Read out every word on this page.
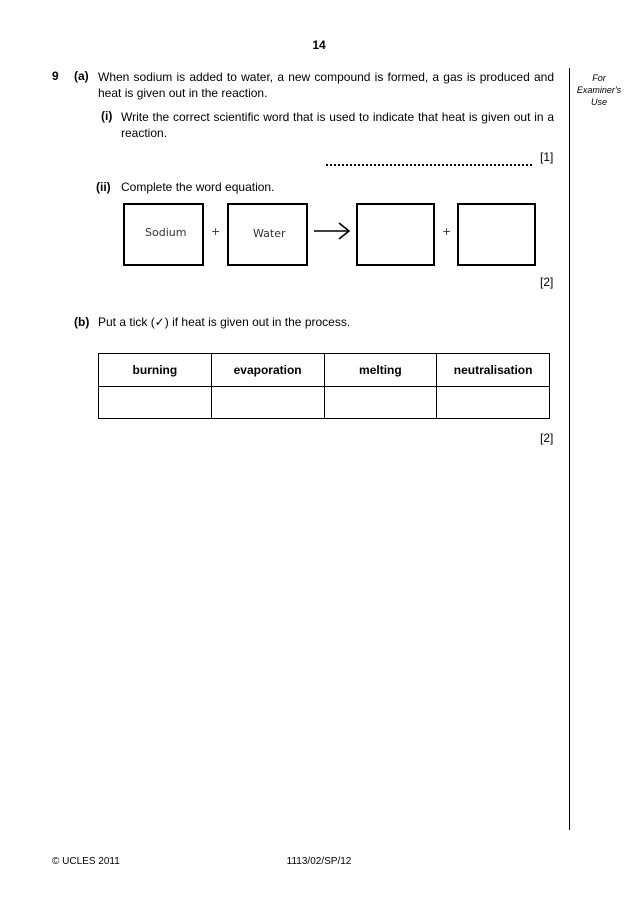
14
For
Examiner's
Use
9 (a) When sodium is added to water, a new compound is formed, a gas is produced and heat is given out in the reaction.
(i) Write the correct scientific word that is used to indicate that heat is given out in a reaction.
[1]
(ii) Complete the word equation.
Sodium +	Water	+
[2]
(b) Put a tick (✓) if heat is given out in the process.
burning	evaporation	melting	neutralisation

[2]
© UCLES 2011	1113/02/SP/12
